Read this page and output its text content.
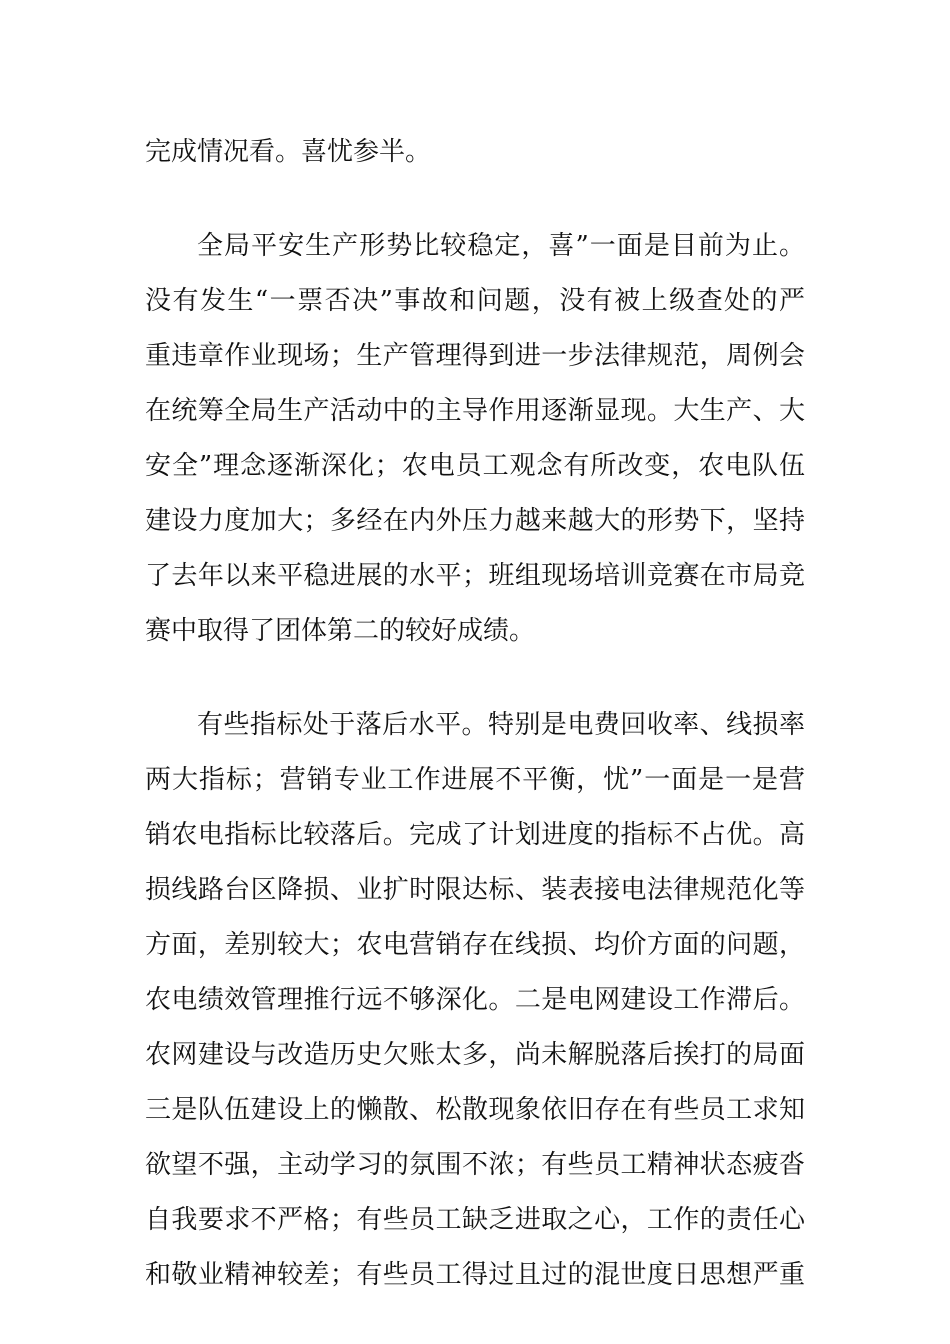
完成情况看。喜忧参半。
全局平安生产形势比较稳定，喜”一面是目前为止。
没有发生“一票否决”事故和问题，没有被上级查处的严
重违章作业现场；生产管理得到进一步法律规范，周例会
在统筹全局生产活动中的主导作用逐渐显现。大生产、大
安全”理念逐渐深化；农电员工观念有所改变，农电队伍
建设力度加大；多经在内外压力越来越大的形势下，坚持
了去年以来平稳进展的水平；班组现场培训竞赛在市局竞
赛中取得了团体第二的较好成绩。
有些指标处于落后水平。特别是电费回收率、线损率
两大指标；营销专业工作进展不平衡，忧”一面是一是营
销农电指标比较落后。完成了计划进度的指标不占优。高
损线路台区降损、业扩时限达标、装表接电法律规范化等
方面，差别较大；农电营销存在线损、均价方面的问题，
农电绩效管理推行远不够深化。二是电网建设工作滞后。
农网建设与改造历史欠账太多，尚未解脱落后挨打的局面
三是队伍建设上的懒散、松散现象依旧存在有些员工求知
欲望不强，主动学习的氛围不浓；有些员工精神状态疲沓
自我要求不严格；有些员工缺乏进取之心，工作的责任心
和敬业精神较差；有些员工得过且过的混世度日思想严重
